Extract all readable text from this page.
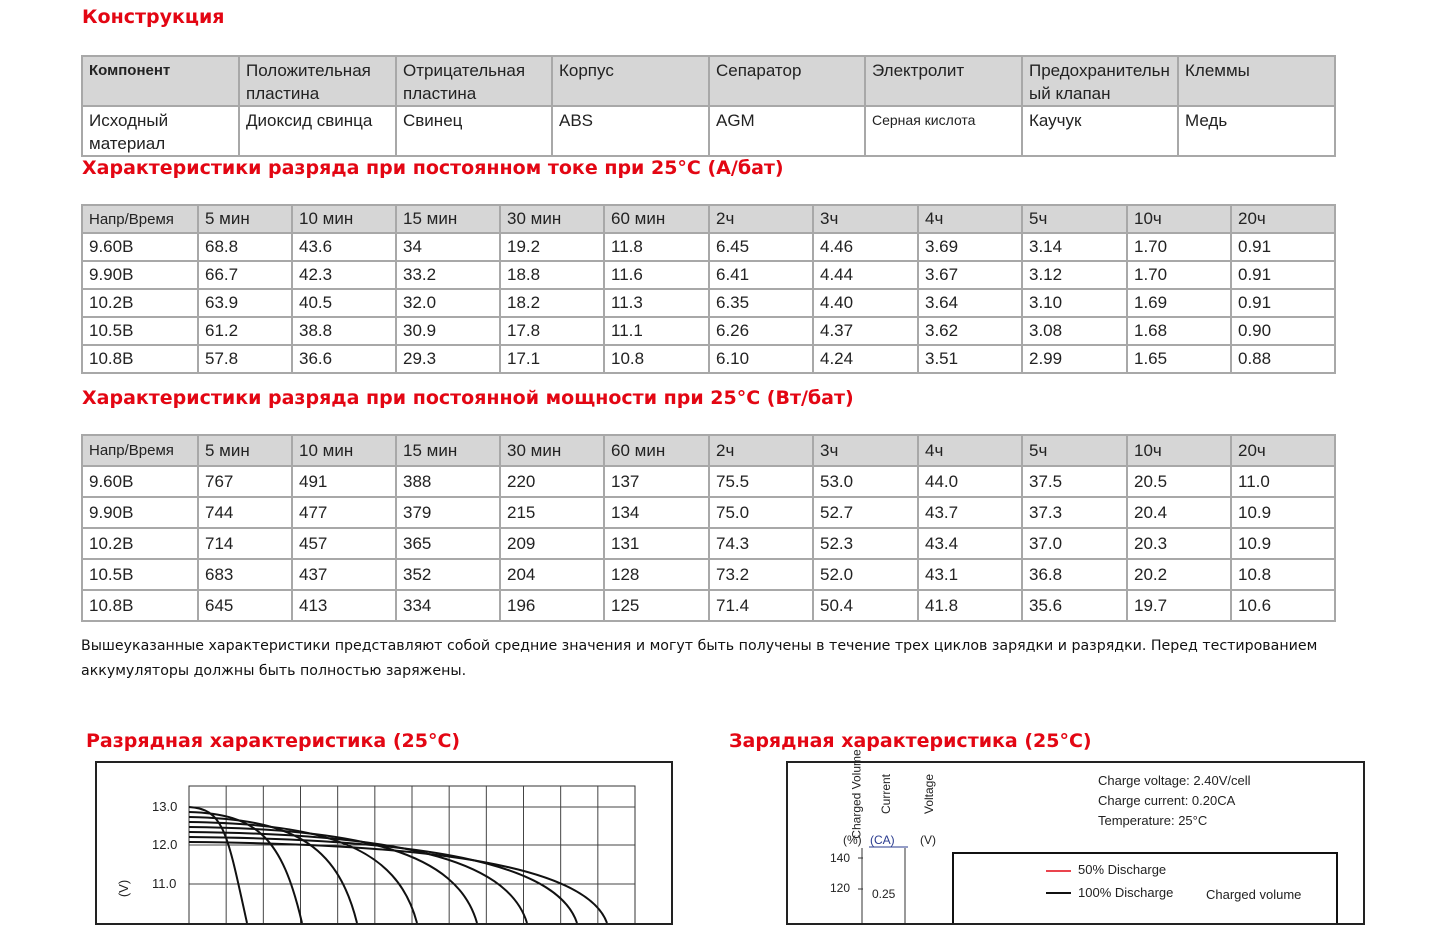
Конструкция
Компонент	Положительная пластина	Отрицательная пластина	Корпус	Сепаратор	Электролит	Предохранительный клапан	Клеммы
Исходный материал	Диоксид свинца	Свинец	ABS	AGM	Серная кислота	Каучук	Медь
Характеристики разряда при постоянном токе при 25°C (А/бат)
Напр/Время	5 мин	10 мин	15 мин	30 мин	60 мин	2ч	3ч	4ч	5ч	10ч	20ч
9.60В	68.8	43.6	34	19.2	11.8	6.45	4.46	3.69	3.14	1.70	0.91
9.90В	66.7	42.3	33.2	18.8	11.6	6.41	4.44	3.67	3.12	1.70	0.91
10.2В	63.9	40.5	32.0	18.2	11.3	6.35	4.40	3.64	3.10	1.69	0.91
10.5В	61.2	38.8	30.9	17.8	11.1	6.26	4.37	3.62	3.08	1.68	0.90
10.8В	57.8	36.6	29.3	17.1	10.8	6.10	4.24	3.51	2.99	1.65	0.88
Характеристики разряда при постоянной мощности при 25°C (Вт/бат)
Напр/Время	5 мин	10 мин	15 мин	30 мин	60 мин	2ч	3ч	4ч	5ч	10ч	20ч
9.60В	767	491	388	220	137	75.5	53.0	44.0	37.5	20.5	11.0
9.90В	744	477	379	215	134	75.0	52.7	43.7	37.3	20.4	10.9
10.2В	714	457	365	209	131	74.3	52.3	43.4	37.0	20.3	10.9
10.5В	683	437	352	204	128	73.2	52.0	43.1	36.8	20.2	10.8
10.8В	645	413	334	196	125	71.4	50.4	41.8	35.6	19.7	10.6

Вышеуказанные характеристики представляют собой средние значения и могут быть получены в течение трех циклов зарядки и разрядки. Перед тестированием аккумуляторы должны быть полностью заряжены.

Разрядная характеристика (25°C)
13.0
12.0
11.0
(V)
Зарядная характеристика (25°C)
Charged Volume Current Voltage
(%) (CA) (V)
140
120 0.25
Charge voltage: 2.40V/cell
Charge current: 0.20CA
Temperature: 25°C
50% Discharge
100% Discharge	Charged volume
